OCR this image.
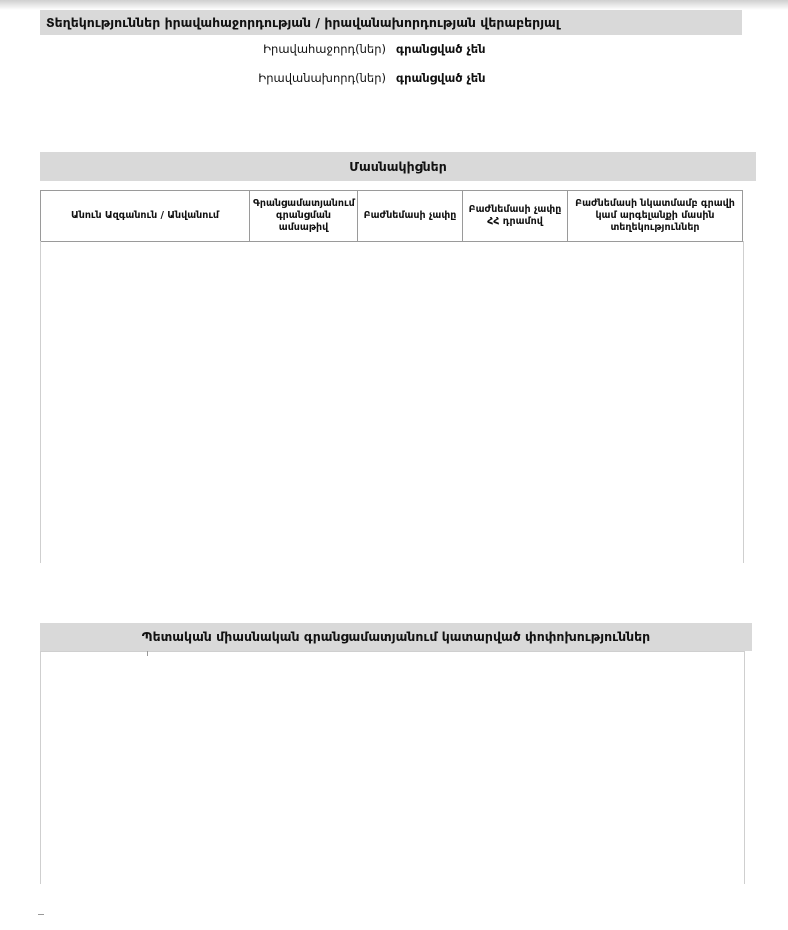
Տեղեկություններ իրավահաջորդության / իրավանախորդության վերաբերյալ
Իրավահաջորդ(ներ) գրանցված չեն
Իրավանախորդ(ներ) գրանցված չեն
Մասնակիցներ
Անուն Ազգանուն / Անվանում	Գրանցամատյանում գրանցման ամսաթիվ	Բաժնեմասի չափը	Բաժնեմասի չափը ՀՀ դրամով	Բաժնեմասի նկատմամբ գրավի կամ արգելանքի մասին տեղեկություններ
Պետական միասնական գրանցամատյանում կատարված փոփոխություններ
